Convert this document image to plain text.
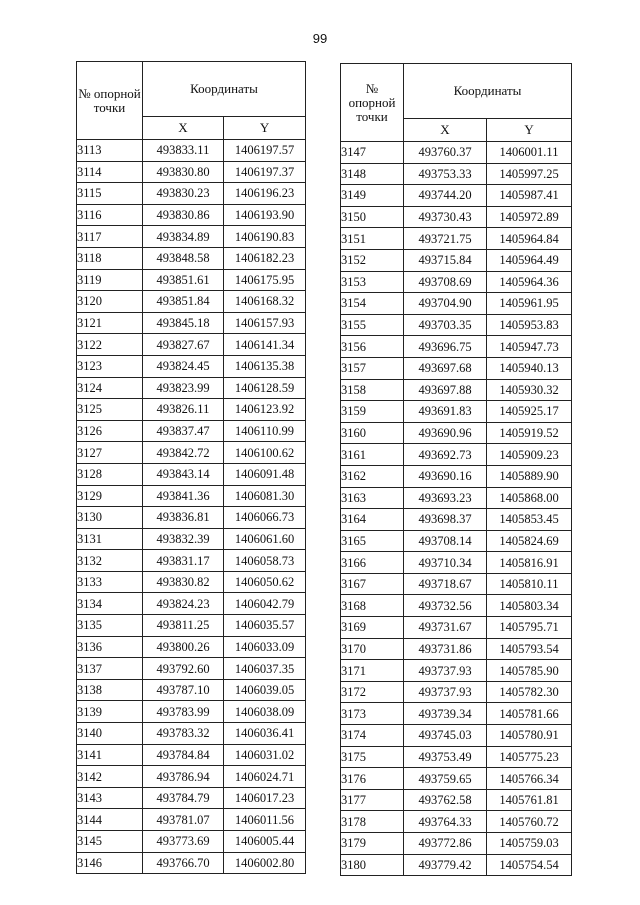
99
№ опорной точки	Координаты	
	X	Y
3113	493833.11	1406197.57
3114	493830.80	1406197.37
3115	493830.23	1406196.23
3116	493830.86	1406193.90
3117	493834.89	1406190.83
3118	493848.58	1406182.23
3119	493851.61	1406175.95
3120	493851.84	1406168.32
3121	493845.18	1406157.93
3122	493827.67	1406141.34
3123	493824.45	1406135.38
3124	493823.99	1406128.59
3125	493826.11	1406123.92
3126	493837.47	1406110.99
3127	493842.72	1406100.62
3128	493843.14	1406091.48
3129	493841.36	1406081.30
3130	493836.81	1406066.73
3131	493832.39	1406061.60
3132	493831.17	1406058.73
3133	493830.82	1406050.62
3134	493824.23	1406042.79
3135	493811.25	1406035.57
3136	493800.26	1406033.09
3137	493792.60	1406037.35
3138	493787.10	1406039.05
3139	493783.99	1406038.09
3140	493783.32	1406036.41
3141	493784.84	1406031.02
3142	493786.94	1406024.71
3143	493784.79	1406017.23
3144	493781.07	1406011.56
3145	493773.69	1406005.44
3146	493766.70	1406002.80
№ опорной точки	Координаты	
	X	Y
3147	493760.37	1406001.11
3148	493753.33	1405997.25
3149	493744.20	1405987.41
3150	493730.43	1405972.89
3151	493721.75	1405964.84
3152	493715.84	1405964.49
3153	493708.69	1405964.36
3154	493704.90	1405961.95
3155	493703.35	1405953.83
3156	493696.75	1405947.73
3157	493697.68	1405940.13
3158	493697.88	1405930.32
3159	493691.83	1405925.17
3160	493690.96	1405919.52
3161	493692.73	1405909.23
3162	493690.16	1405889.90
3163	493693.23	1405868.00
3164	493698.37	1405853.45
3165	493708.14	1405824.69
3166	493710.34	1405816.91
3167	493718.67	1405810.11
3168	493732.56	1405803.34
3169	493731.67	1405795.71
3170	493731.86	1405793.54
3171	493737.93	1405785.90
3172	493737.93	1405782.30
3173	493739.34	1405781.66
3174	493745.03	1405780.91
3175	493753.49	1405775.23
3176	493759.65	1405766.34
3177	493762.58	1405761.81
3178	493764.33	1405760.72
3179	493772.86	1405759.03
3180	493779.42	1405754.54
